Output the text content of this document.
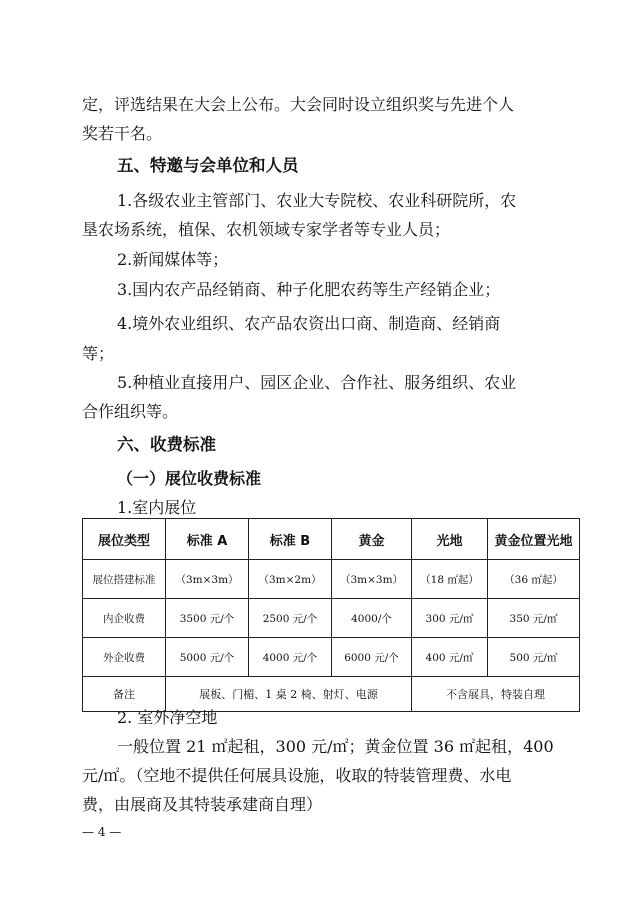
定，评选结果在大会上公布。大会同时设立组织奖与先进个人
奖若干名。
五、特邀与会单位和人员
1.各级农业主管部门、农业大专院校、农业科研院所，农
垦农场系统，植保、农机领域专家学者等专业人员；
2.新闻媒体等；
3.国内农产品经销商、种子化肥农药等生产经销企业；
4.境外农业组织、农产品农资出口商、制造商、经销商
等；
5.种植业直接用户、园区企业、合作社、服务组织、农业
合作组织等。
六、收费标准
（一）展位收费标准
1.室内展位
展位类型	标准 A	标准 B	黄金	光地	黄金位置光地
展位搭建标准	（3m×3m）	（3m×2m）	（3m×3m）	（18 ㎡起）	（36 ㎡起）
内企收费	3500 元/个	2500 元/个	4000/个	300 元/㎡	350 元/㎡
外企收费	5000 元/个	4000 元/个	6000 元/个	400 元/㎡	500 元/㎡
备注	展板、门楣、1 桌 2 椅、射灯、电源			不含展具，特装自理	
2. 室外净空地
一般位置 21 ㎡起租，300 元/㎡；黄金位置 36 ㎡起租，400
元/㎡。（空地不提供任何展具设施，收取的特装管理费、水电
费，由展商及其特装承建商自理）
— 4 —
